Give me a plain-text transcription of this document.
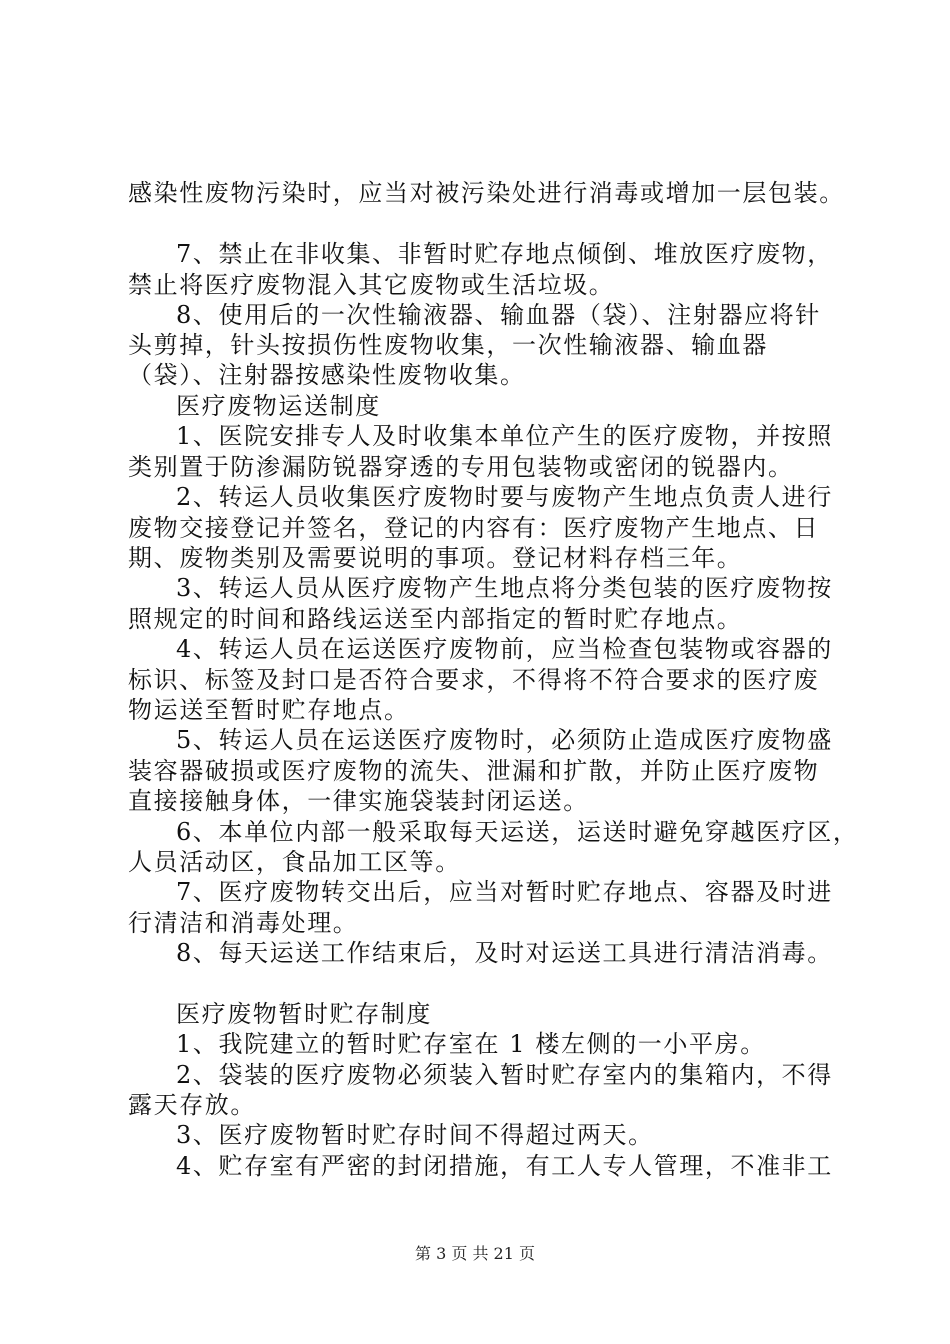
感染性废物污染时，应当对被污染处进行消毒或增加一层包装。
7、禁止在非收集、非暂时贮存地点倾倒、堆放医疗废物，
禁止将医疗废物混入其它废物或生活垃圾。
8、使用后的一次性输液器、输血器（袋）、注射器应将针
头剪掉，针头按损伤性废物收集，一次性输液器、输血器
（袋）、注射器按感染性废物收集。
医疗废物运送制度
1、医院安排专人及时收集本单位产生的医疗废物，并按照
类别置于防渗漏防锐器穿透的专用包装物或密闭的锐器内。
2、转运人员收集医疗废物时要与废物产生地点负责人进行
废物交接登记并签名，登记的内容有：医疗废物产生地点、日
期、废物类别及需要说明的事项。登记材料存档三年。
3、转运人员从医疗废物产生地点将分类包装的医疗废物按
照规定的时间和路线运送至内部指定的暂时贮存地点。
4、转运人员在运送医疗废物前，应当检查包装物或容器的
标识、标签及封口是否符合要求，不得将不符合要求的医疗废
物运送至暂时贮存地点。
5、转运人员在运送医疗废物时，必须防止造成医疗废物盛
装容器破损或医疗废物的流失、泄漏和扩散，并防止医疗废物
直接接触身体，一律实施袋装封闭运送。
6、本单位内部一般采取每天运送，运送时避免穿越医疗区，
人员活动区，食品加工区等。
7、医疗废物转交出后，应当对暂时贮存地点、容器及时进
行清洁和消毒处理。
8、每天运送工作结束后，及时对运送工具进行清洁消毒。
医疗废物暂时贮存制度
1、我院建立的暂时贮存室在 1 楼左侧的一小平房。
2、袋装的医疗废物必须装入暂时贮存室内的集箱内，不得
露天存放。
3、医疗废物暂时贮存时间不得超过两天。
4、贮存室有严密的封闭措施，有工人专人管理，不准非工
第 3 页 共 21 页
